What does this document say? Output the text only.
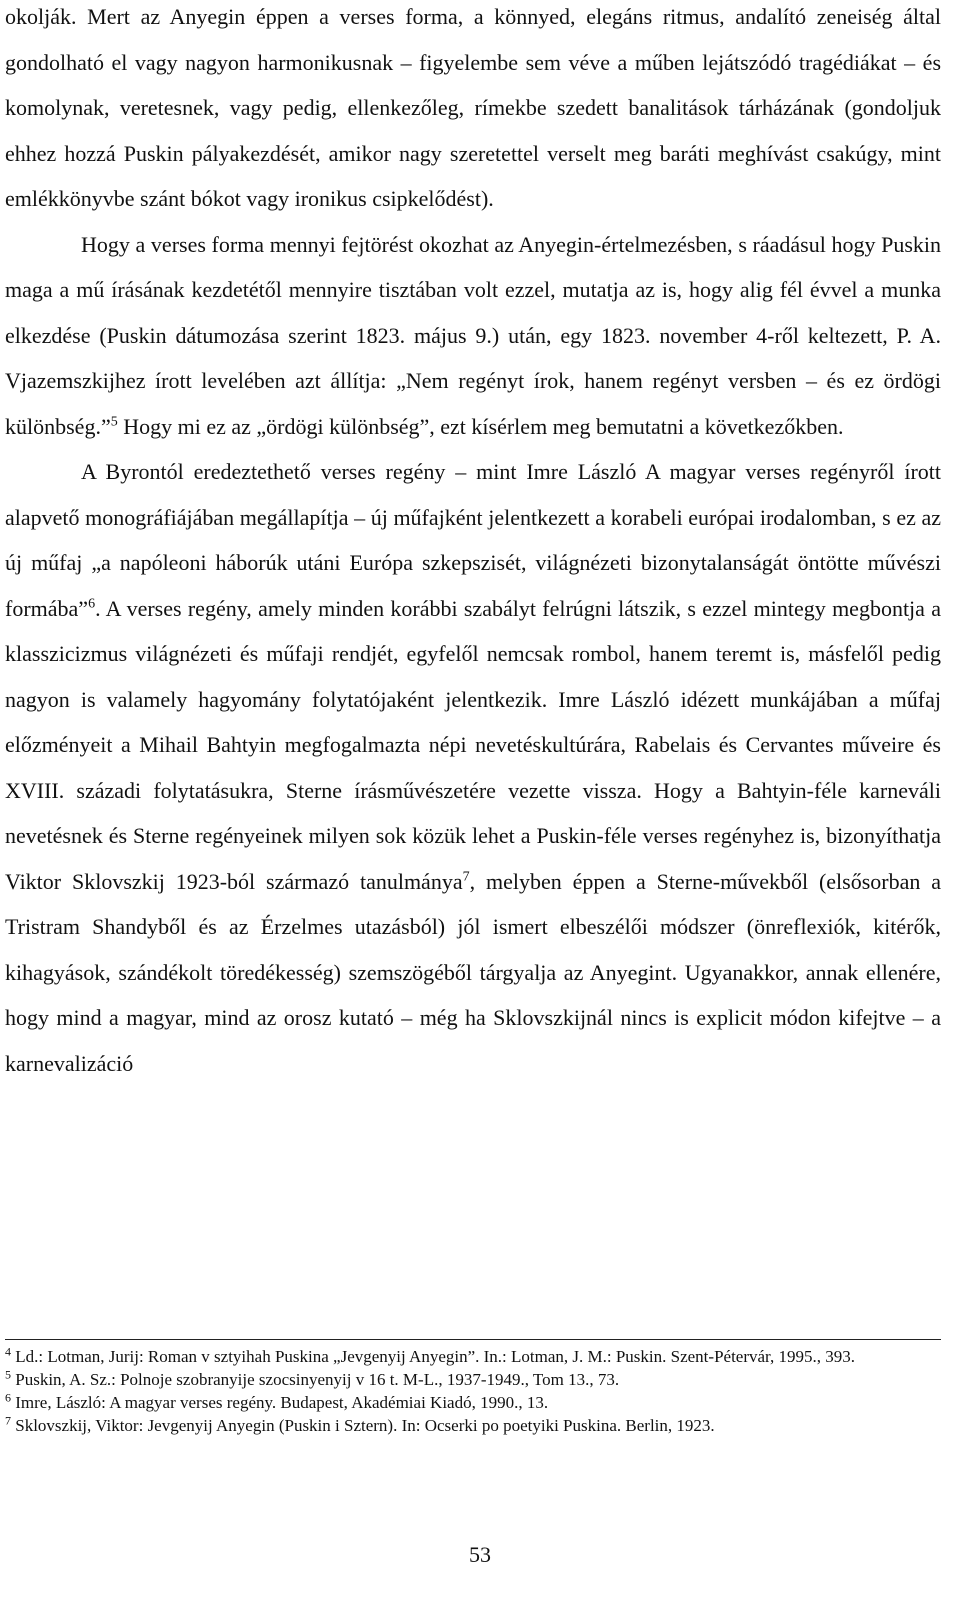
okolják. Mert az Anyegin éppen a verses forma, a könnyed, elegáns ritmus, andalító zeneiség által gondolható el vagy nagyon harmonikusnak – figyelembe sem véve a műben lejátszódó tragédiákat – és komolynak, veretesnek, vagy pedig, ellenkezőleg, rímekbe szedett banalitások tárházának (gondoljuk ehhez hozzá Puskin pályakezdését, amikor nagy szeretettel verselt meg baráti meghívást csakúgy, mint emlékkönyvbe szánt bókot vagy ironikus csipkelődést).

Hogy a verses forma mennyi fejtörést okozhat az Anyegin-értelmezésben, s ráadásul hogy Puskin maga a mű írásának kezdetétől mennyire tisztában volt ezzel, mutatja az is, hogy alig fél évvel a munka elkezdése (Puskin dátumozása szerint 1823. május 9.) után, egy 1823. november 4-ről keltezett, P. A. Vjazemszkijhez írott levelében azt állítja: „Nem regényt írok, hanem regényt versben – és ez ördögi különbség.”$^5$ Hogy mi ez az „ördögi különbség”, ezt kísérlem meg bemutatni a következőkben.

A Byrontól eredeztethető verses regény – mint Imre László A magyar verses regényről írott alapvető monográfiájában megállapítja – új műfajként jelentkezett a korabeli európai irodalomban, s ez az új műfaj „a napóleoni háborúk utáni Európa szkepszisét, világnézeti bizonytalanságát öntötte művészi formába”$^6$. A verses regény, amely minden korábbi szabályt felrúgni látszik, s ezzel mintegy megbontja a klasszicizmus világnézeti és műfaji rendjét, egyfelől nemcsak rombol, hanem teremt is, másfelől pedig nagyon is valamely hagyomány folytatójaként jelentkezik. Imre László idézett munkájában a műfaj előzményeit a Mihail Bahtyin megfogalmazta népi nevetéskultúrára, Rabelais és Cervantes műveire és XVIII. századi folytatásukra, Sterne írásművészetére vezette vissza. Hogy a Bahtyin-féle karneváli nevetésnek és Sterne regényeinek milyen sok közük lehet a Puskin-féle verses regényhez is, bizonyíthatja Viktor Sklovszkij 1923-ból származó tanulmánya$^7$, melyben éppen a Sterne-művekből (elsősorban a Tristram Shandyből és az Érzelmes utazásból) jól ismert elbeszélői módszer (önreflexiók, kitérők, kihagyások, szándékolt töredékesség) szemszögéből tárgyalja az Anyegint. Ugyanakkor, annak ellenére, hogy mind a magyar, mind az orosz kutató – még ha Sklovszkijnál nincs is explicit módon kifejtve – a karnevalizáció

$^4$ Ld.: Lotman, Jurij: Roman v sztyihah Puskina „Jevgenyij Anyegin”. In.: Lotman, J. M.: Puskin. Szent-Pétervár, 1995., 393.

$^5$ Puskin, A. Sz.: Polnoje szobranyije szocsinyenyij v 16 t. M-L., 1937-1949., Tom 13., 73.

$^6$ Imre, László: A magyar verses regény. Budapest, Akadémiai Kiadó, 1990., 13.

$^7$ Sklovszkij, Viktor: Jevgenyij Anyegin (Puskin i Sztern). In: Ocserki po poetyiki Puskina. Berlin, 1923.

53
